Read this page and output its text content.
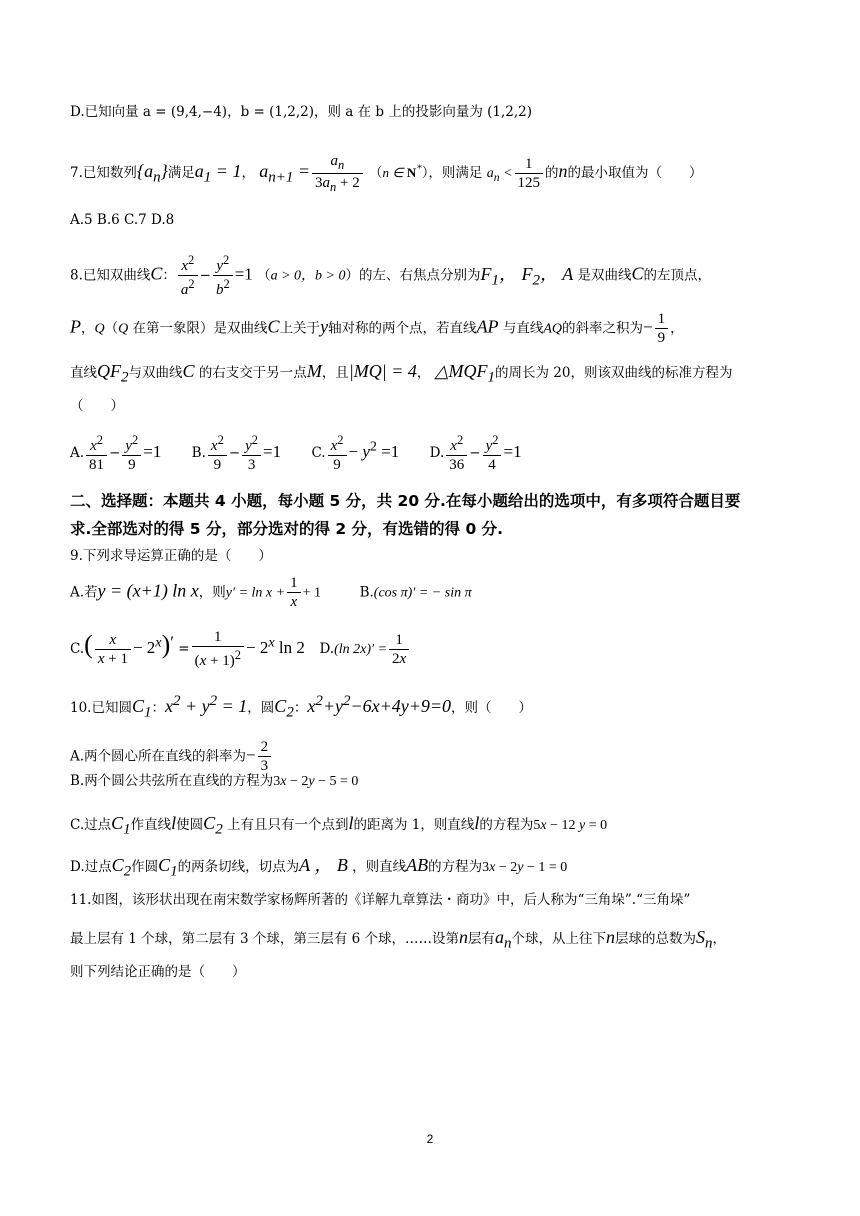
D.已知向量 a = (9,4,−4)，b = (1,2,2)，则 a 在 b 上的投影向量为 (1,2,2)
7.已知数列$\{a_n\}$满足$a_1 = 1$， $a_{n+1} = \frac{a_n}{3a_n + 2} (n$ ∈ N*），则满足 $a_n < \frac{1}{125}$ 的n的最小取值为（　　）
A.5 B.6 C.7 D.8
8.已知双曲线C： $\frac{x^2}{a^2} - \frac{y^2}{b^2} =1$ （a > 0，b > 0）的左、右焦点分别为$F_1$， $F_2$， A 是双曲线C的左顶点，
P，Q（Q 在第一象限）是双曲线C上关于y轴对称的两个点，若直线AP 与直线AQ的斜率之积为− $\frac{1}{9}$ ，
直线$QF_2$与双曲线C 的右支交于另一点M，且|MQ| = 4， $\triangle MQF_1$的周长为 20，则该双曲线的标准方程为
（　　）
A. $\frac{x^2}{81} - \frac{y^2}{9} =1$ B. $\frac{x^2}{9} - \frac{y^2}{3} =1$ C. $\frac{x^2}{9} - y^2 =1$ D. $\frac{x^2}{36} - \frac{y^2}{4} =1$
二、选择题：本题共 4 小题，每小题 5 分，共 20 分.在每小题给出的选项中，有多项符合题目要
求.全部选对的得 5 分，部分选对的得 2 分，有选错的得 0 分.
9.下列求导运算正确的是（　　）
A.若y = (x+1) ln x，则$y' = \ln x + \frac{1}{x} + 1$	B.(cos π)′ = − sin π
$C.( \frac{x}{x + 1} - 2^x)' = \frac{1}{(x + 1)^2} - 2^x$ ln 2 D.(ln $2x)' = \frac{1}{2x}$
10.已知圆$C_1$：$x^2 + y^2 = 1$，圆$C_2$：$x^2+y^2-6x+4y+9=0$，则（　　）
A.两个圆心所在直线的斜率为− $\frac{2}{3}$
B.两个圆公共弦所在直线的方程为3x − 2y − 5 = 0
C.过点$C_1$作直线l使圆$C_2$ 上有且只有一个点到l的距离为 1，则直线l的方程为5x − 12 y = 0
D.过点$C_2$作圆$C_1$的两条切线，切点为A ， B ，则直线AB的方程为3x − 2y − 1 = 0
11.如图，该形状出现在南宋数学家杨辉所著的《详解九章算法・商功》中，后人称为“三角垛”.“三角垛”
最上层有 1 个球，第二层有 3 个球，第三层有 6 个球，……设第n层有$a_n$个球，从上往下n层球的总数为$S_n$，
则下列结论正确的是（　　）
2
